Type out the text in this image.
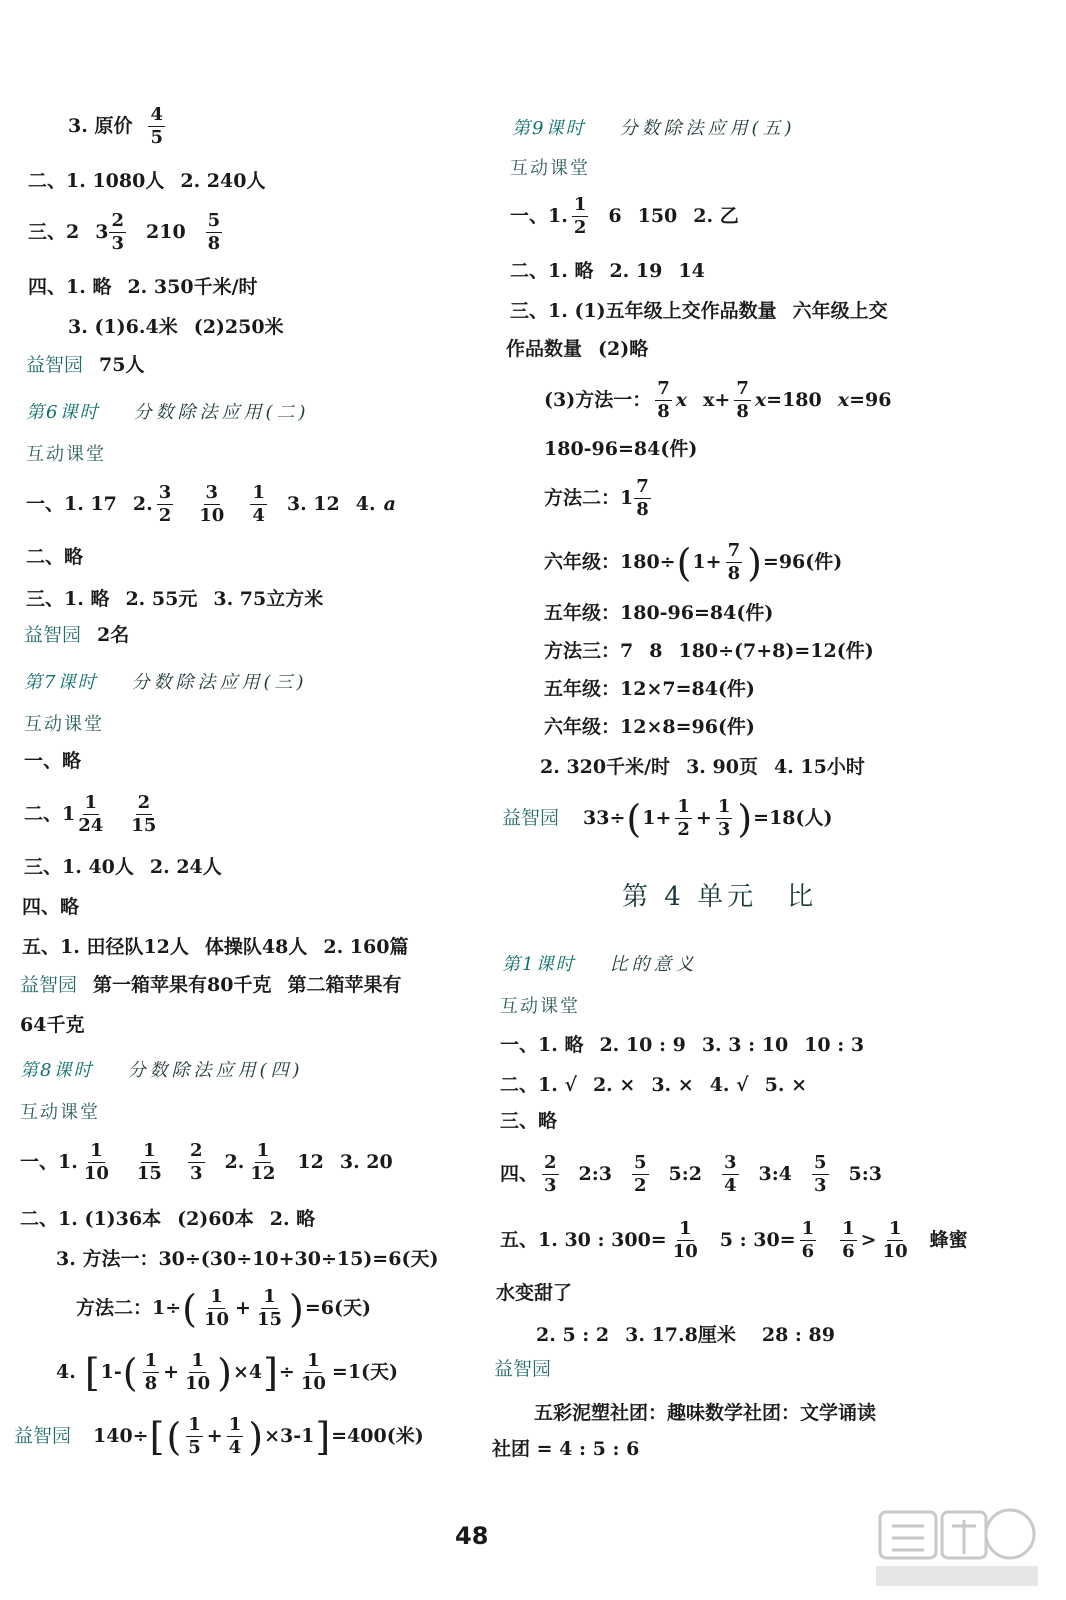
3. 原价 $\frac{4}{5}$
二、1. 1080人 2. 240人
三、2 $3 \frac{2}{3} 210 \frac{5}{8}$
四、1. 略 2. 350千米/时
3. (1)6.4米 (2)250米
益智园 75人
第6课时 分数除法应用(二)
互动课堂
一、1. 17 2. $\frac{3}{2} \frac{3}{10} \frac{1}{4} 3$. 12 4. a
二、略
三、1. 略 2. 55元 3. 75立方米
益智园 2名
第7课时 分数除法应用(三)
互动课堂
一、略
二、$1 \frac{1}{24} \frac{2}{15}$
三、1. 40人 2. 24人
四、略
五、1. 田径队12人 体操队48人 2. 160篇
益智园 第一箱苹果有80千克 第二箱苹果有
64千克
第8课时 分数除法应用(四)
互动课堂
一、1. $\frac{1}{10} \frac{1}{15} \frac{2}{3} 2$. $\frac{1}{12} 12$ 3. 20
二、1. (1)36本 (2)60本 2. 略
3. 方法一：30÷(30÷10+30÷15)=6(天)
方法二：1÷ ( $\frac{1}{10} + \frac{1}{15}$ ) =6(天)
4. [ 1- ( $\frac{1}{8} + \frac{1}{10}$ ) ×4 ] ÷ $\frac{1}{10} =1$(天)
益智园 140÷ [ ( $\frac{1}{5} + \frac{1}{4}$ ) ×3-1 ] =400(米)
第9课时 分数除法应用(五)
互动课堂
一、1. $\frac{1}{2} 6$ 150 2. 乙
二、1. 略 2. 19 14
三、1. (1)五年级上交作品数量 六年级上交
作品数量 (2)略
(3)方法一： $\frac{7}{8}$ x $x+ \frac{7}{8}$ x =180 x =96
180-96=84(件)
方法二：$1 \frac{7}{8}$
六年级：180÷ ( $1+ \frac{7}{8}$ ) =96(件)
五年级：180-96=84(件)
方法三：7 8 180÷(7+8)=12(件)
五年级：12×7=84(件)
六年级：12×8=96(件)
2. 320千米/时 3. 90页 4. 15小时
益智园 33÷ ( $1+ \frac{1}{2} + \frac{1}{3}$ ) =18(人)
第 4 单元　比
第1课时 比的意义
互动课堂
一、1. 略 2. 10 : 9 3. 3 : 10 10 : 3
二、1. √ 2. × 3. × 4. √ 5. ×
三、略
四、 $\frac{2}{3}$ 2:3 $\frac{5}{2}$ 5:2 $\frac{3}{4}$ 3:4 $\frac{5}{3}$ 5:3
五、1. 30 : $300= \frac{1}{10} 5$ : $30= \frac{1}{6} \frac{1}{6} > \frac{1}{10}$ 蜂蜜
水变甜了
2. 5 : 2 3. 17.8厘米 28 : 89
益智园
五彩泥塑社团：趣味数学社团：文学诵读
社团 = 4 : 5 : 6
48
